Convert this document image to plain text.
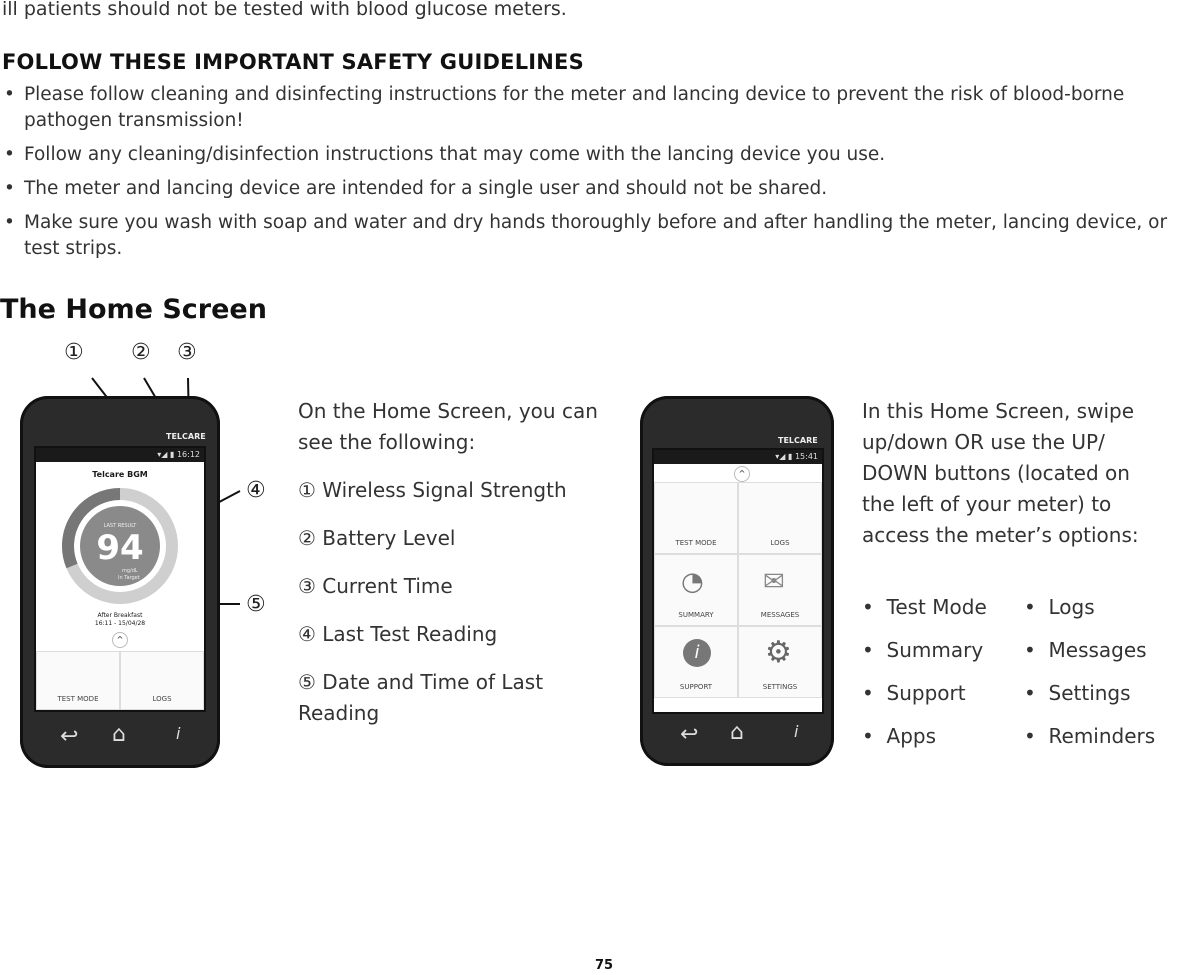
ill patients should not be tested with blood glucose meters.
FOLLOW THESE IMPORTANT SAFETY GUIDELINES
• Please follow cleaning and disinfecting instructions for the meter and lancing device to prevent the risk of blood-borne pathogen transmission!
• Follow any cleaning/disinfection instructions that may come with the lancing device you use.
• The meter and lancing device are intended for a single user and should not be shared.
• Make sure you wash with soap and water and dry hands thoroughly before and after handling the meter, lancing device, or test strips.
The Home Screen
① ② ③
④
⑤
TELCARE
▾◢ ▮ 16:12
Telcare BGM
LAST RESULT
94
mg/dL
In Target
After Breakfast
16:11 - 15/04/28
^
TEST MODE	LOGS
↩ ⌂	i
On the Home Screen, you can see the following:
① Wireless Signal Strength
② Battery Level
③ Current Time
④ Last Test Reading
⑤ Date and Time of Last Reading
TELCARE
▾◢ ▮ 15:41
^
TEST MODE	LOGS
◔
SUMMARY
✉
MESSAGES
i
SUPPORT
⚙
SETTINGS
↩ ⌂	i
In this Home Screen, swipe up/down OR use the UP/ DOWN buttons (located on the left of your meter) to access the meter’s options:
•  Test Mode
•  Summary
•  Support
•  Apps
•  Logs
•  Messages
•  Settings
•  Reminders
75
